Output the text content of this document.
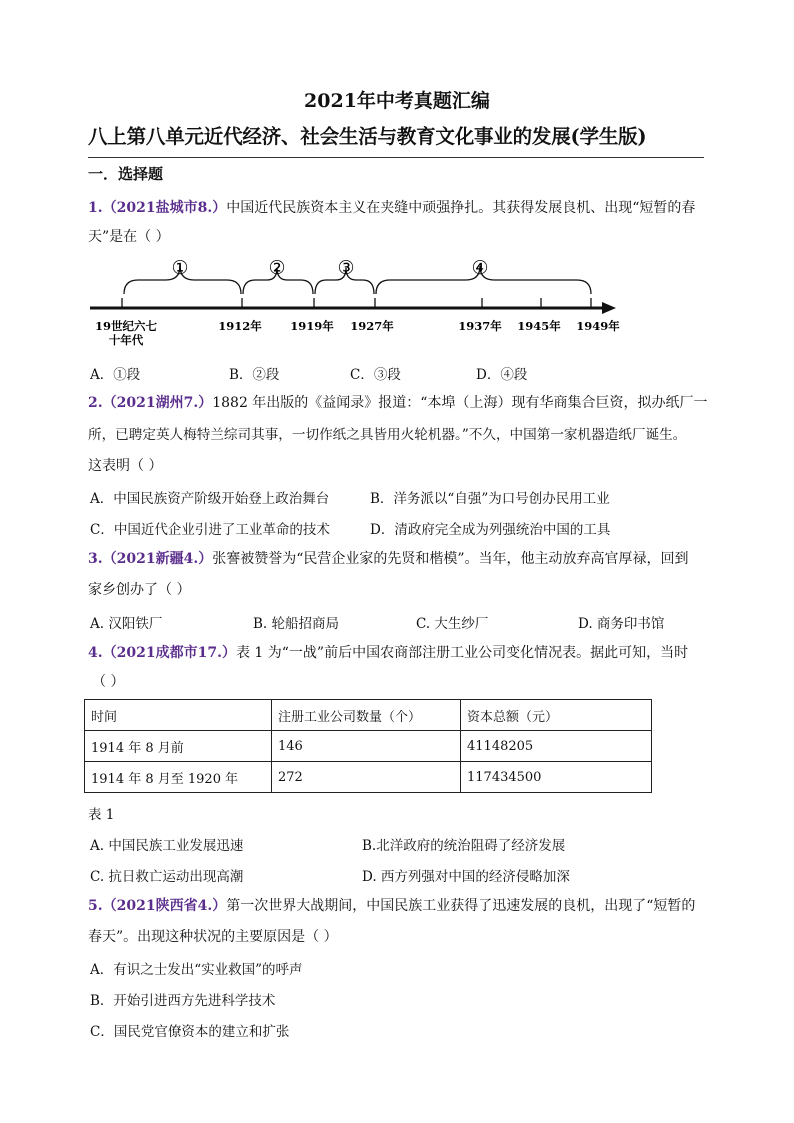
2021年中考真题汇编
八上第八单元近代经济、社会生活与教育文化事业的发展(学生版)
一．选择题
1.（2021盐城市8.）中国近代民族资本主义在夹缝中顽强挣扎。其获得发展良机、出现“短暂的春
天”是在（ ）
①	②	③	④
19世纪六七
十年代
1912年 1919年 1927年	1937年 1945年 1949年
A．①段	B．②段	C．③段	D．④段
2.（2021湖州7.）1882 年出版的《益闻录》报道：“本埠（上海）现有华商集合巨资，拟办纸厂一
所，已聘定英人梅特兰综司其事，一切作纸之具皆用火轮机器。”不久，中国第一家机器造纸厂诞生。
这表明（ ）
A．中国民族资产阶级开始登上政治舞台	B．洋务派以“自强”为口号创办民用工业
C．中国近代企业引进了工业革命的技术	D．清政府完全成为列强统治中国的工具
3.（2021新疆4.）张謇被赞誉为“民营企业家的先贤和楷模”。当年，他主动放弃高官厚禄，回到
家乡创办了（ ）
A. 汉阳铁厂	B. 轮船招商局	C. 大生纱厂	D. 商务印书馆
4.（2021成都市17.）表 1 为“一战”前后中国农商部注册工业公司变化情况表。据此可知，当时
（ ）
时间	注册工业公司数量（个）	资本总额（元）
1914 年 8 月前	146	41148205
1914 年 8 月至 1920 年	272	117434500
表 1
A. 中国民族工业发展迅速	B.北洋政府的统治阻碍了经济发展
C. 抗日救亡运动出现高潮	D. 西方列强对中国的经济侵略加深
5.（2021陕西省4.）第一次世界大战期间，中国民族工业获得了迅速发展的良机，出现了“短暂的
春天”。出现这种状况的主要原因是（ ）
A．有识之士发出“实业救国”的呼声
B．开始引进西方先进科学技术
C．国民党官僚资本的建立和扩张
